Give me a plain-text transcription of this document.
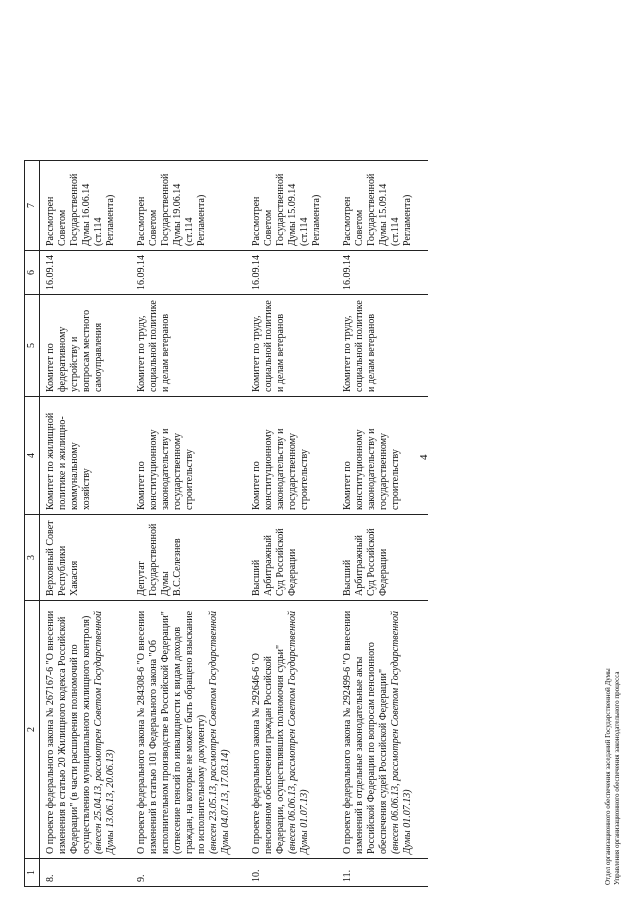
4
1	2	3	4	5	6	7
8.	О проекте федерального закона № 267167-6 "О внесении изменения в статью 20 Жилищного кодекса Российской Федерации" (в части расширения полномочий по осуществлению муниципального жилищного контроля) (внесен 25.04.13, рассмотрен Советом Государственной Думы 13.06.13, 20.06.13)	Верховный Совет Республики Хакасия	Комитет по жилищной политике и жилищно-коммунальному хозяйству	Комитет по федеративному устройству и вопросам местного самоуправления	16.09.14	Рассмотрен Советом Государственной Думы 16.06.14 (ст.114 Регламента)
9.	О проекте федерального закона № 284308-6 "О внесении изменений в статью 101 Федерального закона "Об исполнительном производстве в Российской Федерации" (отнесение пенсий по инвалидности к видам доходов граждан, на которые не может быть обращено взыскание по исполнительному документу) (внесен 23.05.13, рассмотрен Советом Государственной Думы 04.07.13, 17.03.14)	Депутат Государственной Думы В.С.Селезнев	Комитет по конституционному законодательству и государственному строительству	Комитет по труду, социальной политике и делам ветеранов	16.09.14	Рассмотрен Советом Государственной Думы 19.06.14 (ст.114 Регламента)
10.	О проекте федерального закона № 292646-6 "О пенсионном обеспечении граждан Российской Федерации, осуществлявших полномочия судьи" (внесен 06.06.13, рассмотрен Советом Государственной Думы 01.07.13)	Высший Арбитражный Суд Российской Федерации	Комитет по конституционному законодательству и государственному строительству	Комитет по труду, социальной политике и делам ветеранов	16.09.14	Рассмотрен Советом Государственной Думы 15.09.14 (ст.114 Регламента)
11.	О проекте федерального закона № 292499-6 "О внесении изменений в отдельные законодательные акты Российской Федерации по вопросам пенсионного обеспечения судей Российской Федерации" (внесен 06.06.13, рассмотрен Советом Государственной Думы 01.07.13)	Высший Арбитражный Суд Российской Федерации	Комитет по конституционному законодательству и государственному строительству	Комитет по труду, социальной политике и делам ветеранов	16.09.14	Рассмотрен Советом Государственной Думы 15.09.14 (ст.114 Регламента)
Отдел организационного обеспечения заседаний Государственной Думы Управления организационного обеспечения законодательного процесса
